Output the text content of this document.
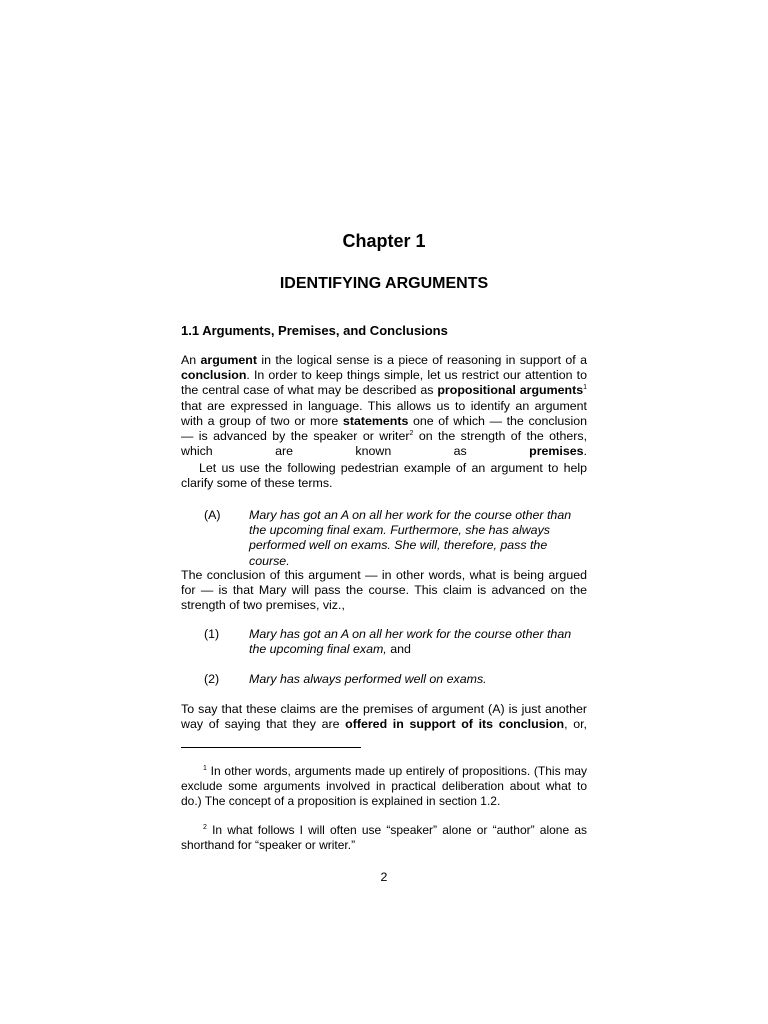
Chapter 1
IDENTIFYING ARGUMENTS
1.1 Arguments, Premises, and Conclusions

An argument in the logical sense is a piece of reasoning in support of a conclusion. In order to keep things simple, let us restrict our attention to the central case of what may be described as propositional arguments$^1$ that are expressed in language. This allows us to identify an argument with a group of two or more statements one of which — the conclusion — is advanced by the speaker or writer$^2$ on the strength of the others, which are known as premises.

Let us use the following pedestrian example of an argument to help clarify some of these terms.

(A) Mary has got an A on all her work for the course other than the upcoming final exam. Furthermore, she has always performed well on exams. She will, therefore, pass the course.

The conclusion of this argument — in other words, what is being argued for — is that Mary will pass the course. This claim is advanced on the strength of two premises, viz.,

(1) Mary has got an A on all her work for the course other than the upcoming final exam, and

(2) Mary has always performed well on exams.

To say that these claims are the premises of argument (A) is just another way of saying that they are offered in support of its conclusion, or,

$^1$ In other words, arguments made up entirely of propositions. (This may exclude some arguments involved in practical deliberation about what to do.) The concept of a proposition is explained in section 1.2.

$^2$ In what follows I will often use “speaker” alone or “author” alone as shorthand for “speaker or writer.”

2
